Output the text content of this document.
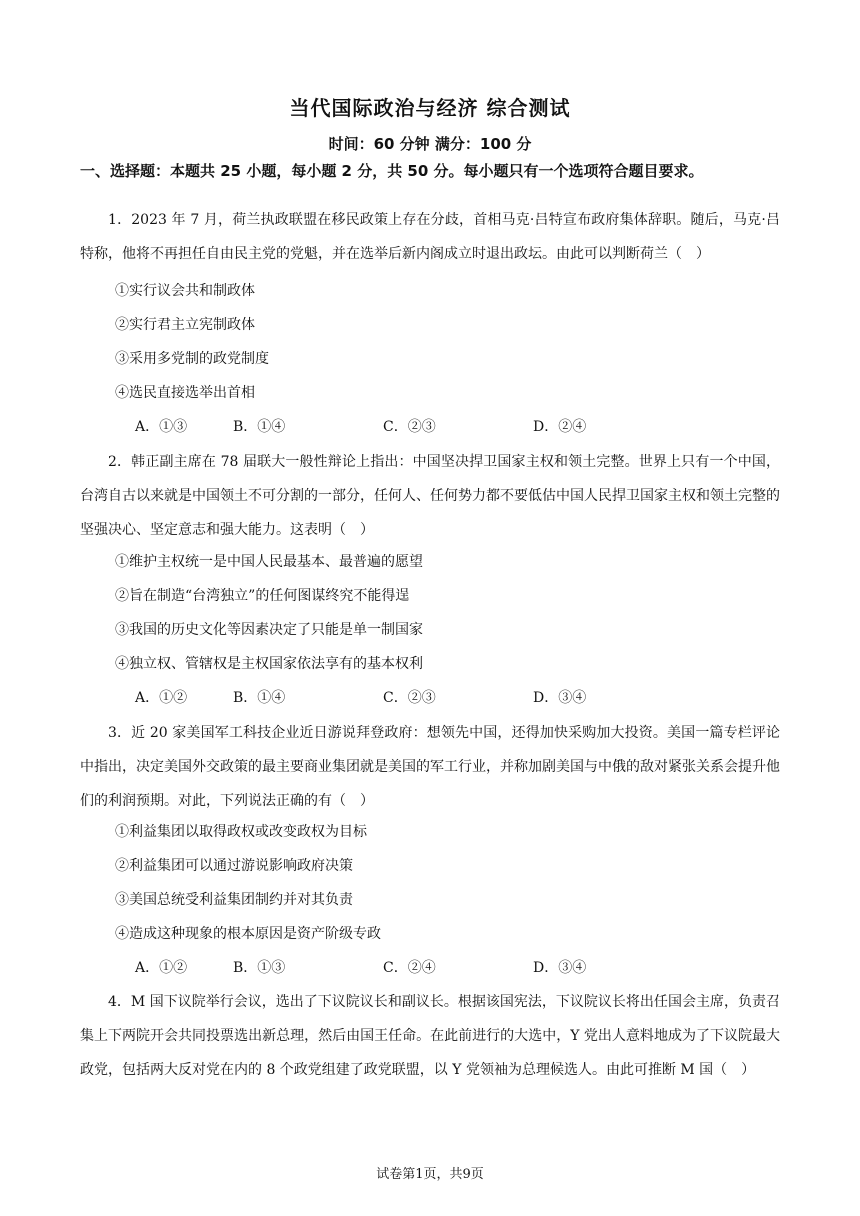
当代国际政治与经济 综合测试
时间：60 分钟 满分：100 分
一、选择题：本题共 25 小题，每小题 2 分，共 50 分。每小题只有一个选项符合题目要求。
1．2023 年 7 月，荷兰执政联盟在移民政策上存在分歧，首相马克·吕特宣布政府集体辞职。随后，马克·吕特称，他将不再担任自由民主党的党魁，并在选举后新内阁成立时退出政坛。由此可以判断荷兰（　）
①实行议会共和制政体
②实行君主立宪制政体
③采用多党制的政党制度
④选民直接选举出首相
A．①③	B．①④	C．②③	D．②④
2．韩正副主席在 78 届联大一般性辩论上指出：中国坚决捍卫国家主权和领土完整。世界上只有一个中国，台湾自古以来就是中国领土不可分割的一部分，任何人、任何势力都不要低估中国人民捍卫国家主权和领土完整的坚强决心、坚定意志和强大能力。这表明（　）
①维护主权统一是中国人民最基本、最普遍的愿望
②旨在制造“台湾独立”的任何图谋终究不能得逞
③我国的历史文化等因素决定了只能是单一制国家
④独立权、管辖权是主权国家依法享有的基本权利
A．①②	B．①④	C．②③	D．③④
3．近 20 家美国军工科技企业近日游说拜登政府：想领先中国，还得加快采购加大投资。美国一篇专栏评论中指出，决定美国外交政策的最主要商业集团就是美国的军工行业，并称加剧美国与中俄的敌对紧张关系会提升他们的利润预期。对此，下列说法正确的有（　）
①利益集团以取得政权或改变政权为目标
②利益集团可以通过游说影响政府决策
③美国总统受利益集团制约并对其负责
④造成这种现象的根本原因是资产阶级专政
A．①②	B．①③	C．②④	D．③④
4．M 国下议院举行会议，选出了下议院议长和副议长。根据该国宪法，下议院议长将出任国会主席，负责召集上下两院开会共同投票选出新总理，然后由国王任命。在此前进行的大选中，Y 党出人意料地成为了下议院最大政党，包括两大反对党在内的 8 个政党组建了政党联盟，以 Y 党领袖为总理候选人。由此可推断 M 国（　）
试卷第1页，共9页
